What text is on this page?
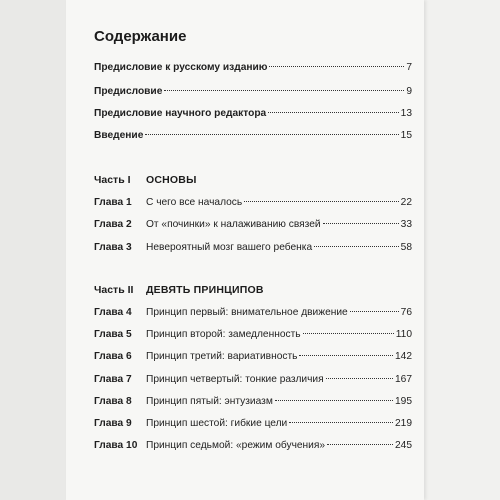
Содержание
Предисловие к русскому изданию	7
Предисловие	9
Предисловие научного редактора	13
Введение	15
Часть I	ОСНОВЫ
Глава 1	С чего все началось	22
Глава 2	От «починки» к налаживанию связей	33
Глава 3	Невероятный мозг вашего ребенка	58
Часть II	ДЕВЯТЬ ПРИНЦИПОВ
Глава 4	Принцип первый: внимательное движение	76
Глава 5	Принцип второй: замедленность	110
Глава 6	Принцип третий: вариативность	142
Глава 7	Принцип четвертый: тонкие различия	167
Глава 8	Принцип пятый: энтузиазм	195
Глава 9	Принцип шестой: гибкие цели	219
Глава 10 Принцип седьмой: «режим обучения»	245
